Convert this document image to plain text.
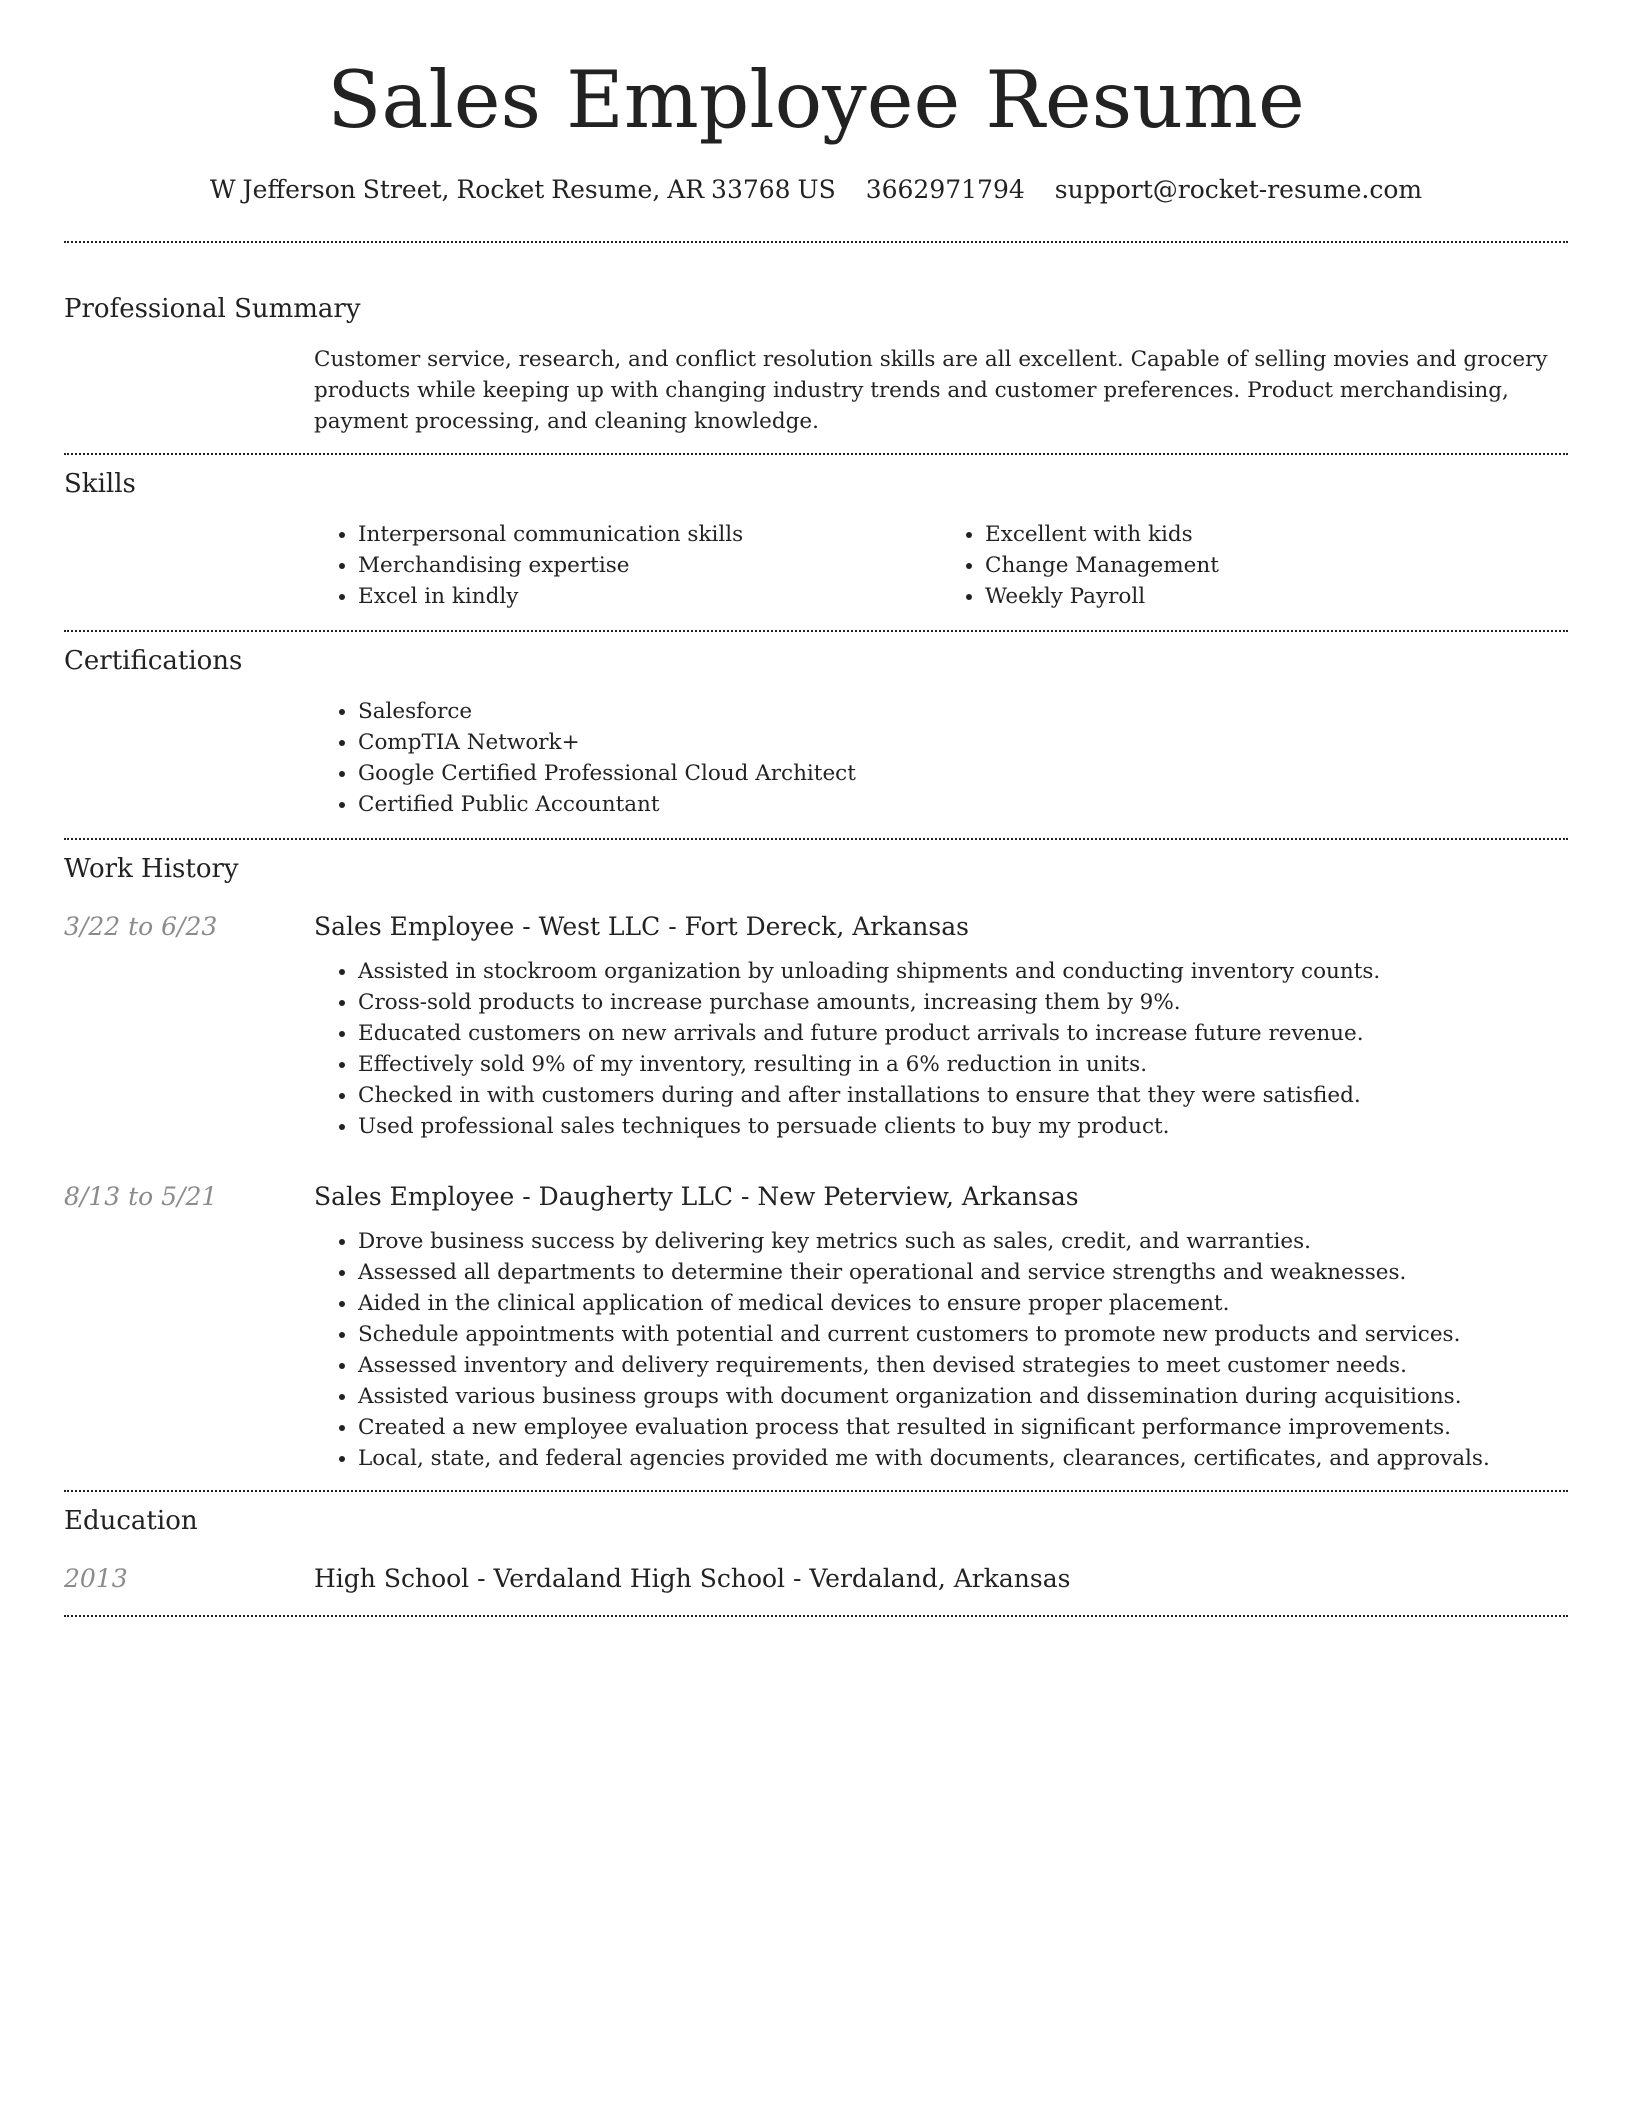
Sales Employee Resume
W Jefferson Street, Rocket Resume, AR 33768 US 3662971794 support@rocket-resume.com
Professional Summary

Customer service, research, and conflict resolution skills are all excellent. Capable of selling movies and grocery products while keeping up with changing industry trends and customer preferences. Product merchandising, payment processing, and cleaning knowledge.

Skills
• Interpersonal communication skills
• Merchandising expertise
• Excel in kindly
• Excellent with kids
• Change Management
• Weekly Payroll
Certifications
• Salesforce
• CompTIA Network+
• Google Certified Professional Cloud Architect
• Certified Public Accountant
Work History
3/22 to 6/23	Sales Employee - West LLC - Fort Dereck, Arkansas
• Assisted in stockroom organization by unloading shipments and conducting inventory counts.
• Cross-sold products to increase purchase amounts, increasing them by 9%.
• Educated customers on new arrivals and future product arrivals to increase future revenue.
• Effectively sold 9% of my inventory, resulting in a 6% reduction in units.
• Checked in with customers during and after installations to ensure that they were satisfied.
• Used professional sales techniques to persuade clients to buy my product.
8/13 to 5/21	Sales Employee - Daugherty LLC - New Peterview, Arkansas
• Drove business success by delivering key metrics such as sales, credit, and warranties.
• Assessed all departments to determine their operational and service strengths and weaknesses.
• Aided in the clinical application of medical devices to ensure proper placement.
• Schedule appointments with potential and current customers to promote new products and services.
• Assessed inventory and delivery requirements, then devised strategies to meet customer needs.
• Assisted various business groups with document organization and dissemination during acquisitions.
• Created a new employee evaluation process that resulted in significant performance improvements.
• Local, state, and federal agencies provided me with documents, clearances, certificates, and approvals.
Education
2013	High School - Verdaland High School - Verdaland, Arkansas
